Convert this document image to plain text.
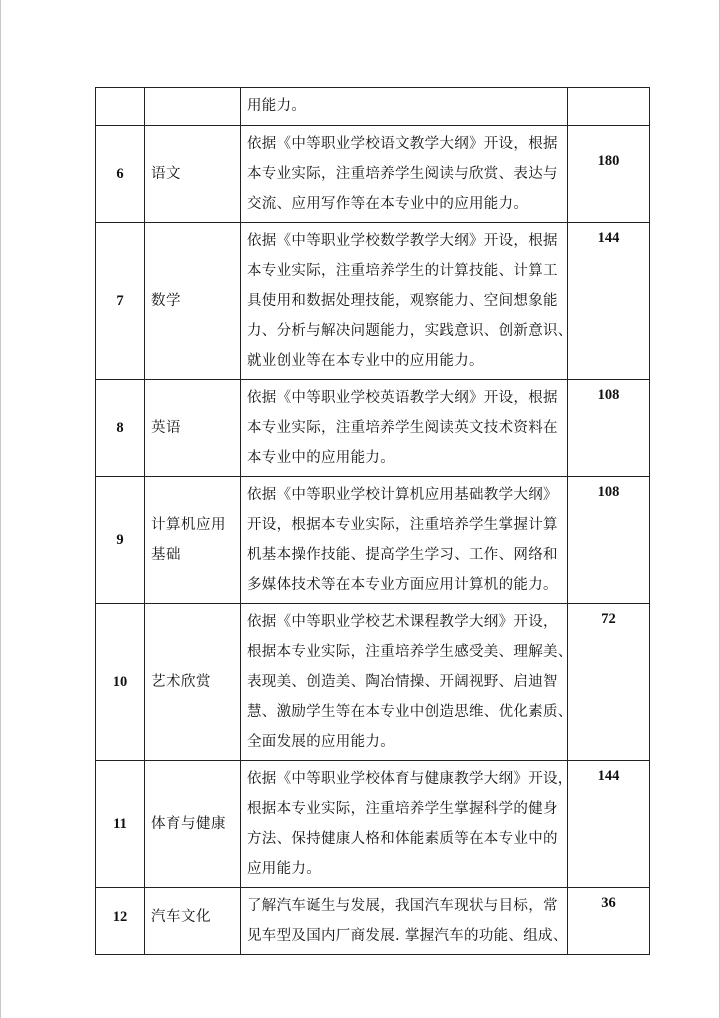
		用能力。	

6	语文	依据《中等职业学校语文教学大纲》开设，根据
本专业实际，注重培养学生阅读与欣赏、表达与
交流、应用写作等在本专业中的应用能力。	180
7	数学	依据《中等职业学校数学教学大纲》开设，根据
本专业实际，注重培养学生的计算技能、计算工
具使用和数据处理技能，观察能力、空间想象能
力、分析与解决问题能力，实践意识、创新意识、
就业创业等在本专业中的应用能力。	144
8	英语	依据《中等职业学校英语教学大纲》开设，根据
本专业实际，注重培养学生阅读英文技术资料在
本专业中的应用能力。	108
9	计算机应用基础	依据《中等职业学校计算机应用基础教学大纲》
开设，根据本专业实际，注重培养学生掌握计算
机基本操作技能、提高学生学习、工作、网络和
多媒体技术等在本专业方面应用计算机的能力。	108
10	艺术欣赏	依据《中等职业学校艺术课程教学大纲》开设，
根据本专业实际，注重培养学生感受美、理解美、
表现美、创造美、陶冶情操、开阔视野、启迪智
慧、激励学生等在本专业中创造思维、优化素质、
全面发展的应用能力。	72
11	体育与健康	依据《中等职业学校体育与健康教学大纲》开设，
根据本专业实际，注重培养学生掌握科学的健身
方法、保持健康人格和体能素质等在本专业中的
应用能力。	144
12	汽车文化	了解汽车诞生与发展，我国汽车现状与目标，常
见车型及国内厂商发展. 掌握汽车的功能、组成、	36
